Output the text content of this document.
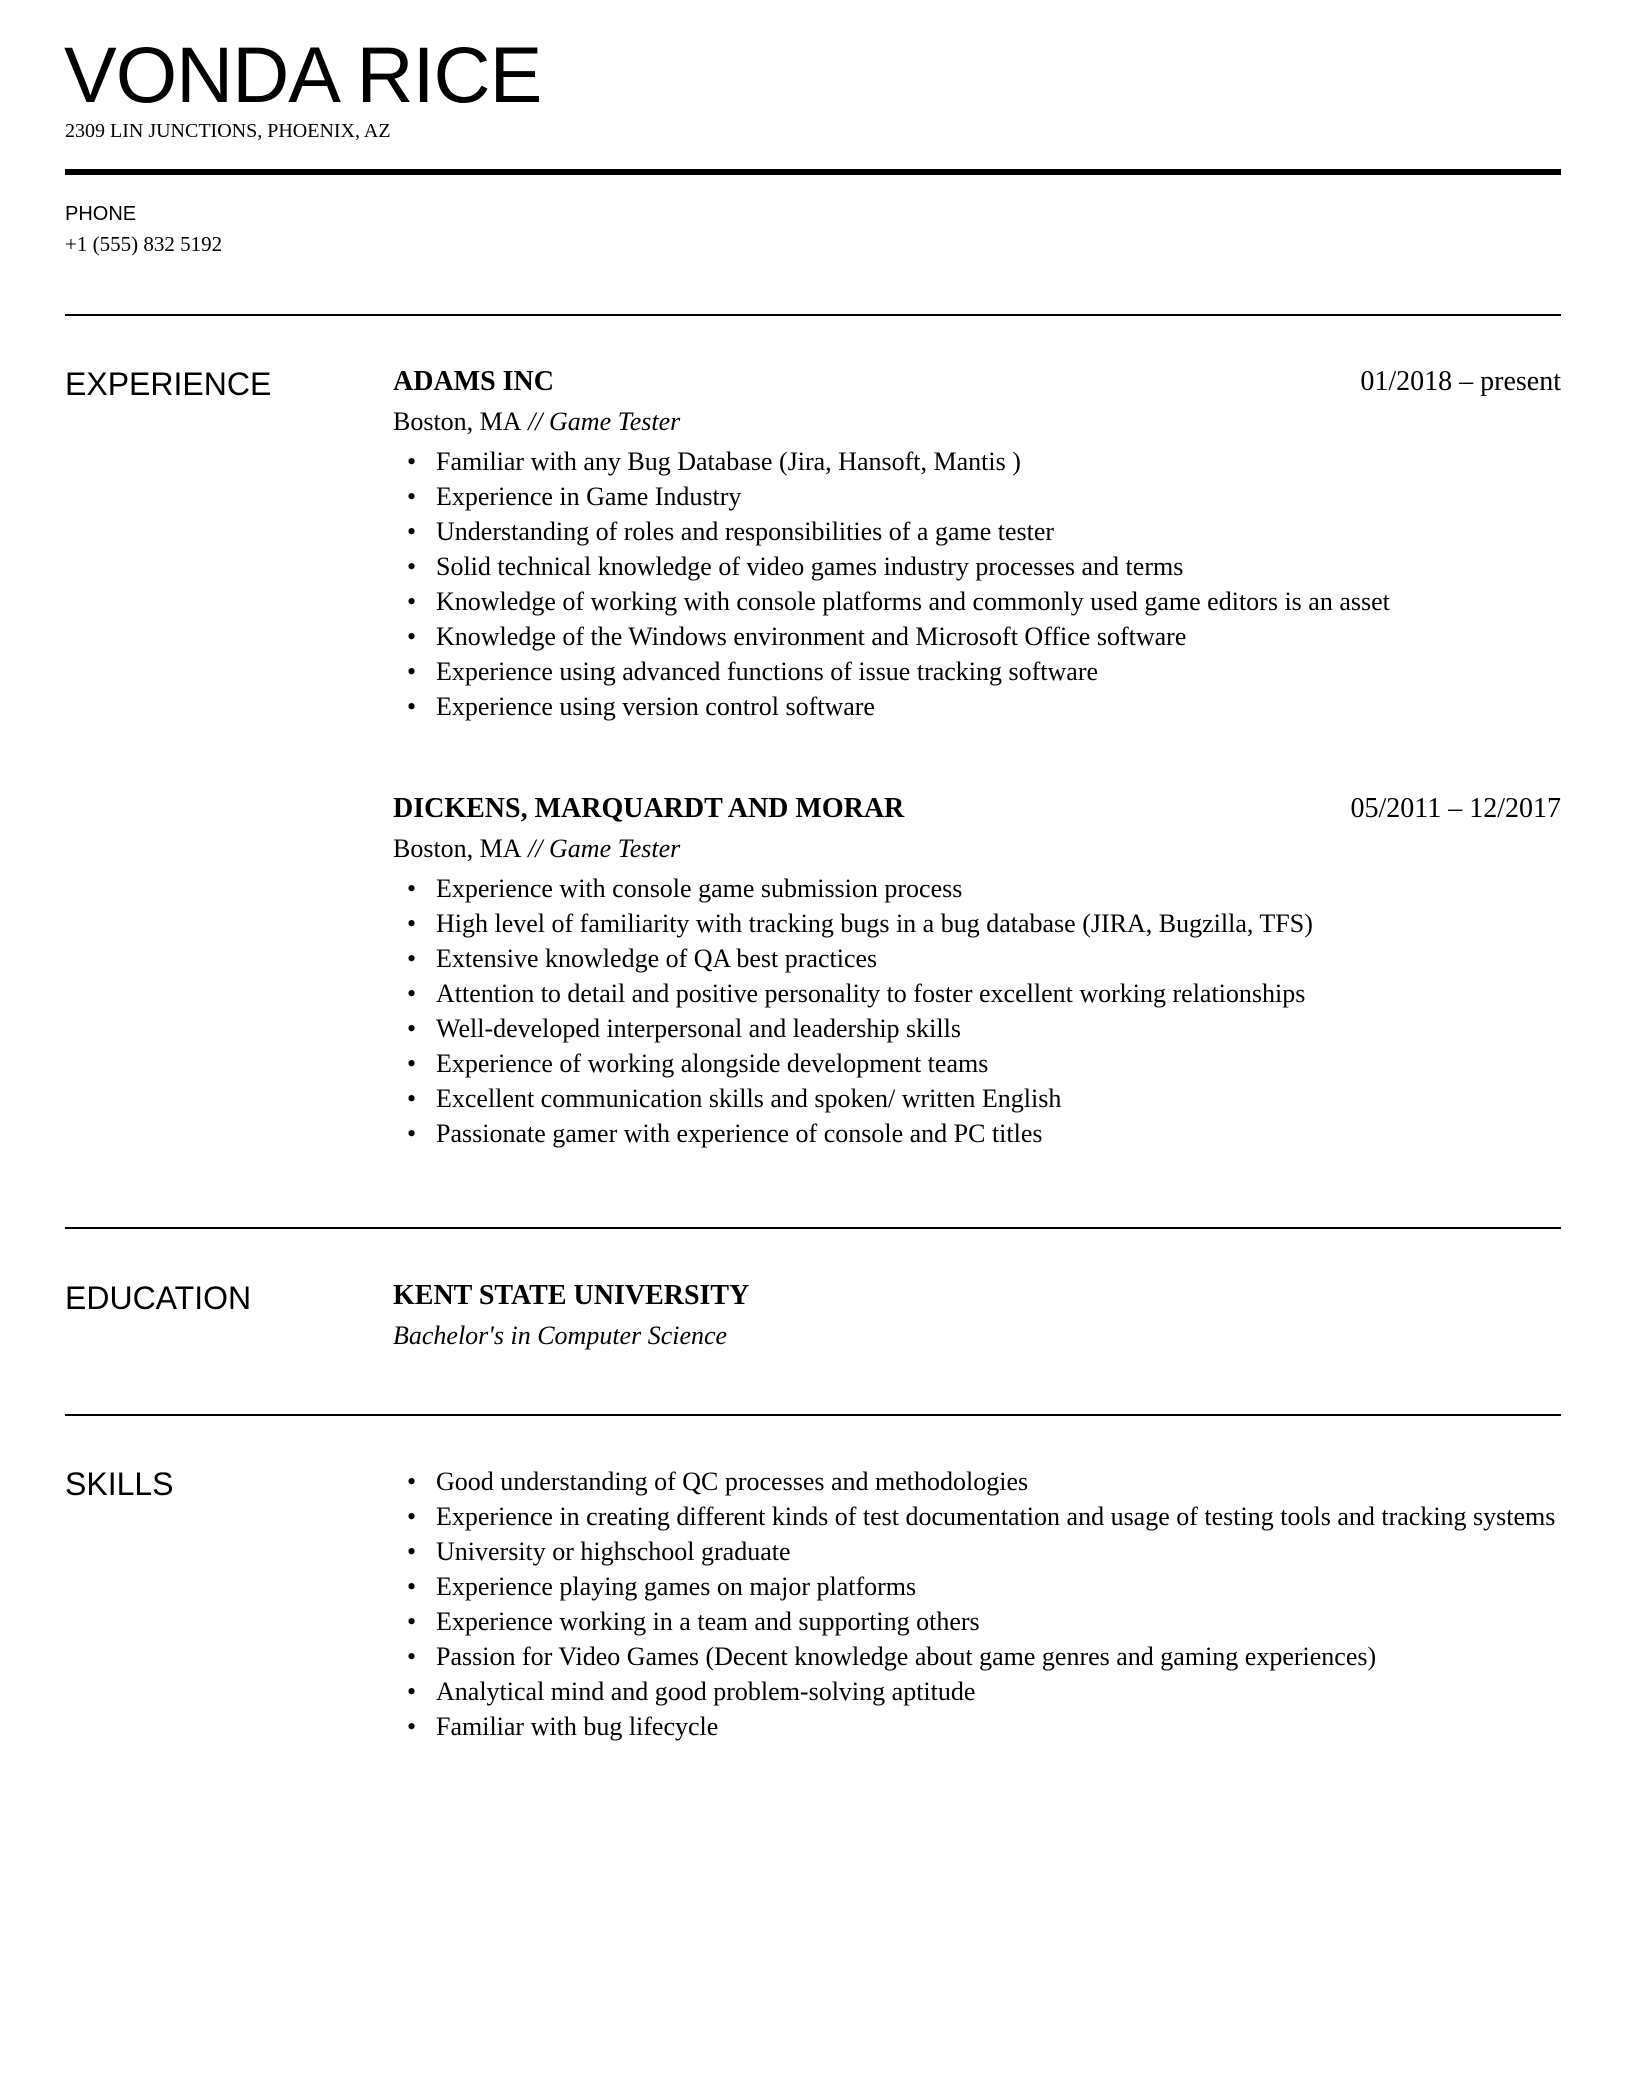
VONDA RICE
2309 LIN JUNCTIONS, PHOENIX, AZ
PHONE
+1 (555) 832 5192
EXPERIENCE	ADAMS INC	01/2018 – present
Boston, MA // Game Tester
• Familiar with any Bug Database (Jira, Hansoft, Mantis )
• Experience in Game Industry
• Understanding of roles and responsibilities of a game tester
• Solid technical knowledge of video games industry processes and terms
• Knowledge of working with console platforms and commonly used game editors is an asset
• Knowledge of the Windows environment and Microsoft Office software
• Experience using advanced functions of issue tracking software
• Experience using version control software
DICKENS, MARQUARDT AND MORAR	05/2011 – 12/2017
Boston, MA // Game Tester
• Experience with console game submission process
• High level of familiarity with tracking bugs in a bug database (JIRA, Bugzilla, TFS)
• Extensive knowledge of QA best practices
• Attention to detail and positive personality to foster excellent working relationships
• Well-developed interpersonal and leadership skills
• Experience of working alongside development teams
• Excellent communication skills and spoken/ written English
• Passionate gamer with experience of console and PC titles
EDUCATION	KENT STATE UNIVERSITY
Bachelor's in Computer Science
SKILLS	• Good understanding of QC processes and methodologies
• Experience in creating different kinds of test documentation and usage of testing tools and tracking systems
• University or highschool graduate
• Experience playing games on major platforms
• Experience working in a team and supporting others
• Passion for Video Games (Decent knowledge about game genres and gaming experiences)
• Analytical mind and good problem-solving aptitude
• Familiar with bug lifecycle
